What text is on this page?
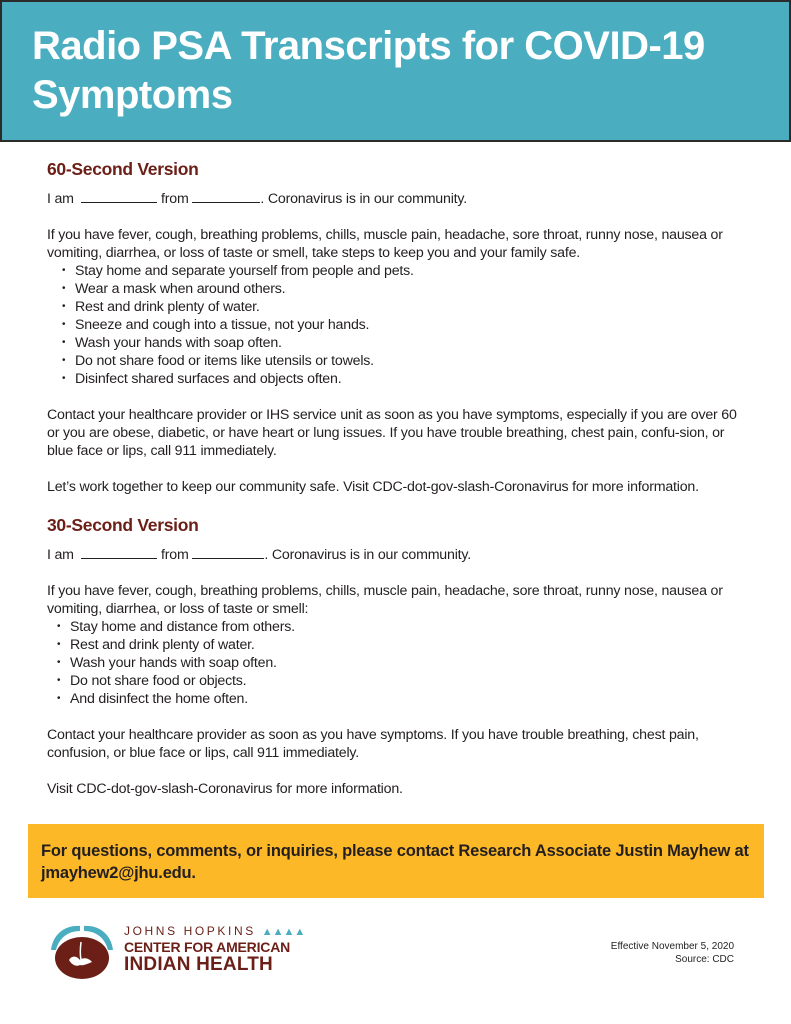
Radio PSA Transcripts for COVID-19 Symptoms
60-Second Version

I am	from	. Coronavirus is in our community.

If you have fever, cough, breathing problems, chills, muscle pain, headache, sore throat, runny nose, nausea or vomiting, diarrhea, or loss of taste or smell, take steps to keep you and your family safe.

• Stay home and separate yourself from people and pets.
• Wear a mask when around others.
• Rest and drink plenty of water.
• Sneeze and cough into a tissue, not your hands.
• Wash your hands with soap often.
• Do not share food or items like utensils or towels.
• Disinfect shared surfaces and objects often.

Contact your healthcare provider or IHS service unit as soon as you have symptoms, especially if you are over 60 or you are obese, diabetic, or have heart or lung issues. If you have trouble breathing, chest pain, confu-sion, or blue face or lips, call 911 immediately.

Let’s work together to keep our community safe. Visit CDC-dot-gov-slash-Coronavirus for more information.

30-Second Version

I am	from	. Coronavirus is in our community.

If you have fever, cough, breathing problems, chills, muscle pain, headache, sore throat, runny nose, nausea or vomiting, diarrhea, or loss of taste or smell:

• Stay home and distance from others.
• Rest and drink plenty of water.
• Wash your hands with soap often.
• Do not share food or objects.
• And disinfect the home often.

Contact your healthcare provider as soon as you have symptoms. If you have trouble breathing, chest pain, confusion, or blue face or lips, call 911 immediately.

Visit CDC-dot-gov-slash-Coronavirus for more information.

For questions, comments, or inquiries, please contact Research Associate Justin Mayhew at jmayhew2@jhu.edu.

JOHNS HOPKINS ▲▲▲▲
CENTER FOR AMERICAN
INDIAN HEALTH
Effective November 5, 2020
Source: CDC
